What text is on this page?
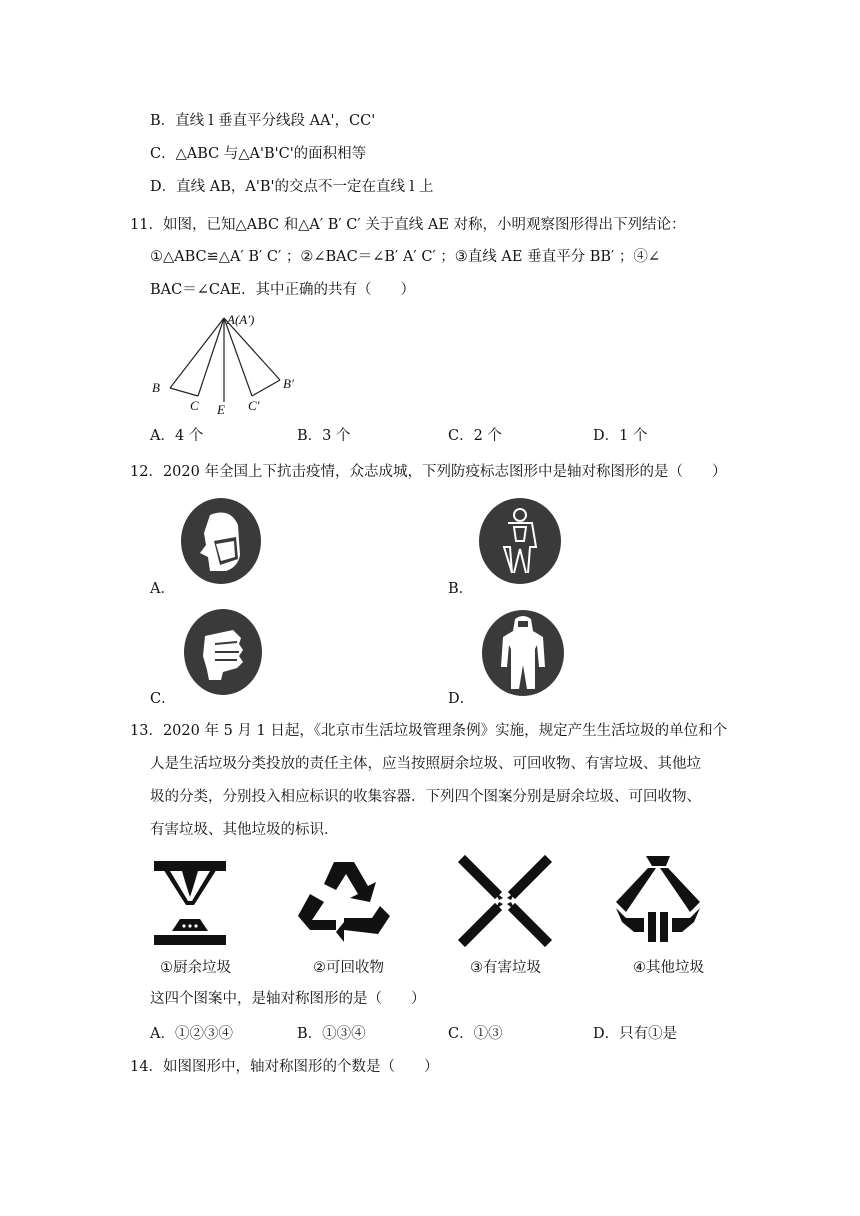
B．直线 l 垂直平分线段 AA'，CC'
C．△ABC 与△A'B'C'的面积相等
D．直线 AB，A'B'的交点不一定在直线 l 上
11．如图，已知△ABC 和△A′ B′ C′ 关于直线 AE 对称，小明观察图形得出下列结论：
①△ABC≌△A′ B′ C′ ；②∠BAC＝∠B′ A′ C′ ；③直线 AE 垂直平分 BB′ ；④∠
BAC＝∠CAE．其中正确的共有（　　）
A(A')
B
C E C'
B'
A．4 个	B．3 个	C．2 个	D．1 个
12．2020 年全国上下抗击疫情，众志成城，下列防疫标志图形中是轴对称图形的是（　　）
A．	B．
C．	D．
13．2020 年 5 月 1 日起，《北京市生活垃圾管理条例》实施，规定产生生活垃圾的单位和个
人是生活垃圾分类投放的责任主体，应当按照厨余垃圾、可回收物、有害垃圾、其他垃
圾的分类，分别投入相应标识的收集容器．下列四个图案分别是厨余垃圾、可回收物、
有害垃圾、其他垃圾的标识．
①厨余垃圾	②可回收物	③有害垃圾	④其他垃圾
这四个图案中，是轴对称图形的是（　　）
A．①②③④	B．①③④	C．①③	D．只有①是
14．如图图形中，轴对称图形的个数是（　　）
